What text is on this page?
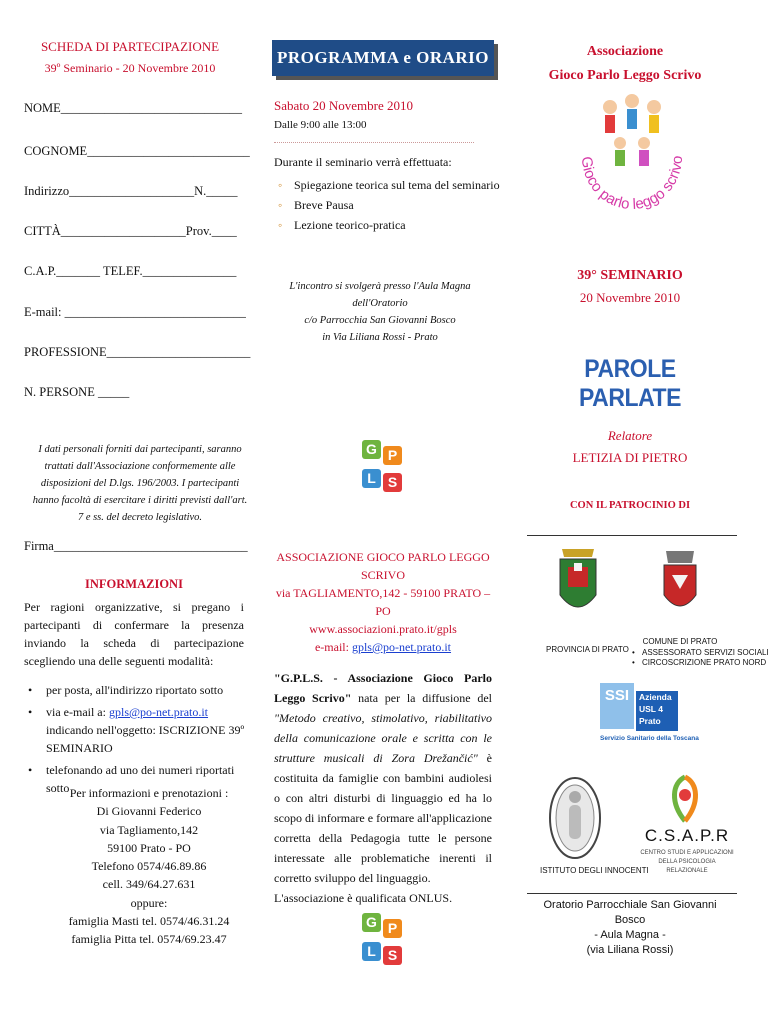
SCHEDA DI PARTECIPAZIONE
39º Seminario - 20 Novembre 2010
NOME_____________________________
COGNOME__________________________
Indirizzo____________________N._____
CITTÀ____________________Prov.____
C.A.P._______ TELEF._______________
E-mail: _____________________________
PROFESSIONE_______________________
N. PERSONE _____
I dati personali forniti dai partecipanti, saranno trattati dall'Associazione conformemente alle disposizioni del D.lgs. 196/2003. I partecipanti hanno facoltà di esercitare i diritti previsti dall'art. 7 e ss. del decreto legislativo.
Firma_______________________________
INFORMAZIONI
Per ragioni organizzative, si pregano i partecipanti di confermare la presenza inviando la scheda di partecipazione scegliendo una delle seguenti modalità:
• per posta, all'indirizzo riportato sotto
• via e-mail a: gpls@po-net.prato.it indicando nell'oggetto: ISCRIZIONE 39º SEMINARIO
• telefonando ad uno dei numeri riportati sotto Per informazioni e prenotazioni :
Di Giovanni Federico
via Tagliamento,142
59100 Prato - PO
Telefono 0574/46.89.86
cell. 349/64.27.631
oppure:
famiglia Masti tel. 0574/46.31.24
famiglia Pitta tel. 0574/69.23.47
PROGRAMMA e ORARIO
Sabato 20 Novembre 2010
Dalle 9:00 alle 13:00
Durante il seminario verrà effettuata:
◦ Spiegazione teorica sul tema del seminario
◦ Breve Pausa
◦ Lezione teorico-pratica
L'incontro si svolgerà presso l'Aula Magna dell'Oratorio
c/o Parrocchia San Giovanni Bosco
in Via Liliana Rossi - Prato
G P
L S
ASSOCIAZIONE GIOCO PARLO LEGGO SCRIVO
via TAGLIAMENTO,142 - 59100 PRATO – PO
www.associazioni.prato.it/gpls
e-mail: gpls@po-net.prato.it
"G.P.L.S. - Associazione Gioco Parlo Leggo Scrivo" nata per la diffusione del "Metodo creativo, stimolativo, riabilitativo della comunicazione orale e scritta con le strutture musicali di Zora Drežančić" è costituita da famiglie con bambini audiolesi o con altri disturbi di linguaggio ed ha lo scopo di informare e formare all'applicazione corretta della Pedagogia tutte le persone interessate alle problematiche inerenti il corretto sviluppo del linguaggio.
L'associazione è qualificata ONLUS.
G P
L S
Associazione
Gioco Parlo Leggo Scrivo
Gioco parlo leggo scrivo
39° SEMINARIO
20 Novembre 2010
PAROLE PARLATE
Relatore
LETIZIA DI PIETRO
CON IL PATROCINIO DI
PROVINCIA DI PRATO
COMUNE DI PRATO
• ASSESSORATO SERVIZI SOCIALI
• CIRCOSCRIZIONE PRATO NORD
SSI	Azienda
USL 4
Prato
Servizio Sanitario della Toscana
ISTITUTO DEGLI INNOCENTI
C.S.A.P.R
CENTRO STUDI E APPLICAZIONI DELLA PSICOLOGIA RELAZIONALE
Oratorio Parrocchiale San Giovanni Bosco
- Aula Magna -
(via Liliana Rossi)
